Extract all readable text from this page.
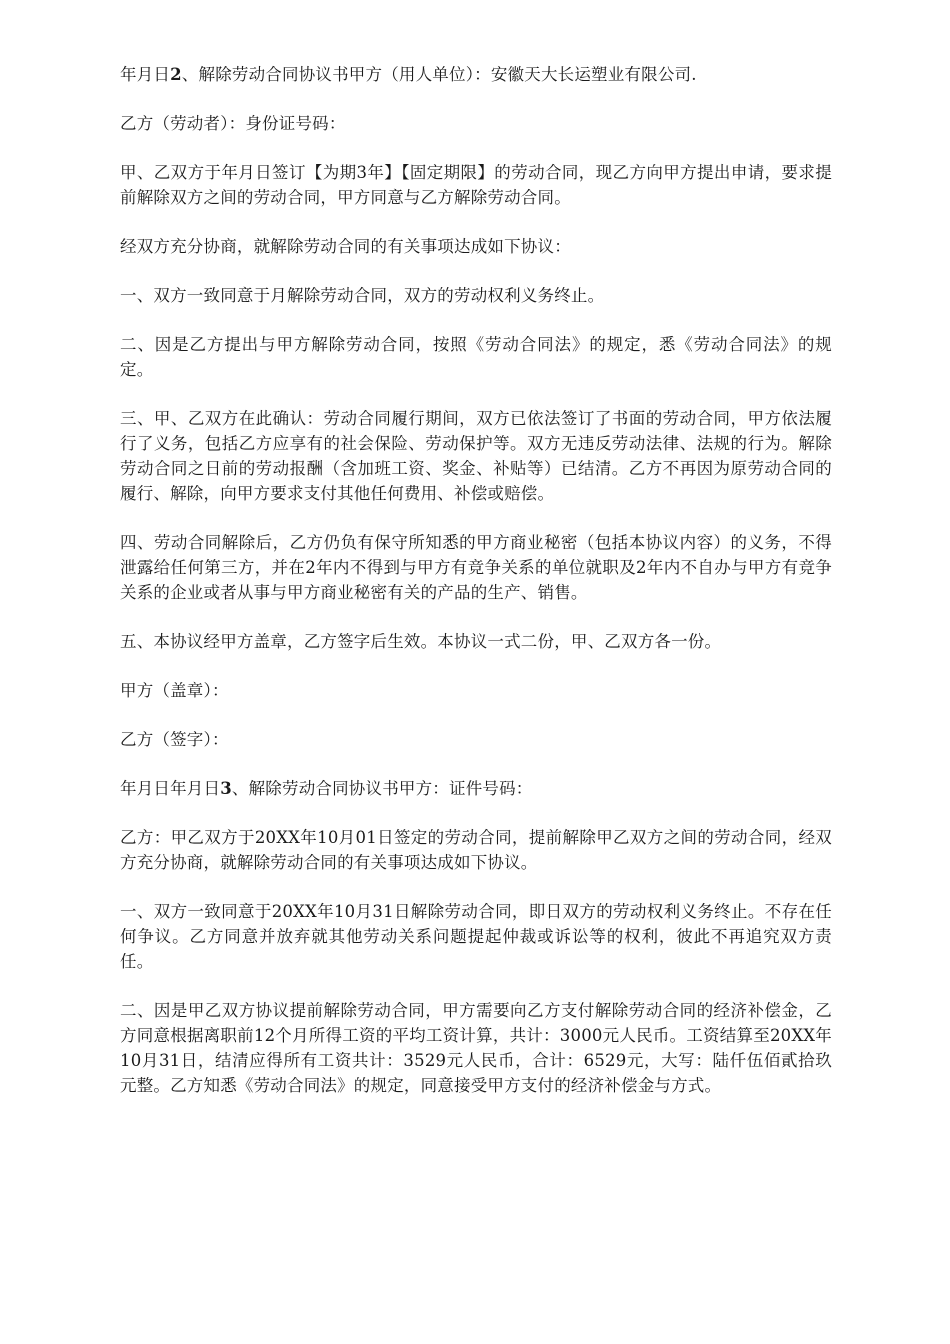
年月日2、解除劳动合同协议书甲方（用人单位）：安徽天大长运塑业有限公司.

乙方（劳动者）：身份证号码：

甲、乙双方于年月日签订【为期3年】【固定期限】的劳动合同，现乙方向甲方提出申请，要求提前解除双方之间的劳动合同，甲方同意与乙方解除劳动合同。

经双方充分协商，就解除劳动合同的有关事项达成如下协议：

一、双方一致同意于月解除劳动合同，双方的劳动权利义务终止。

二、因是乙方提出与甲方解除劳动合同，按照《劳动合同法》的规定，悉《劳动合同法》的规定。

三、甲、乙双方在此确认：劳动合同履行期间，双方已依法签订了书面的劳动合同，甲方依法履行了义务，包括乙方应享有的社会保险、劳动保护等。双方无违反劳动法律、法规的行为。解除劳动合同之日前的劳动报酬（含加班工资、奖金、补贴等）已结清。乙方不再因为原劳动合同的履行、解除，向甲方要求支付其他任何费用、补偿或赔偿。

四、劳动合同解除后，乙方仍负有保守所知悉的甲方商业秘密（包括本协议内容）的义务，不得泄露给任何第三方，并在2年内不得到与甲方有竞争关系的单位就职及2年内不自办与甲方有竞争关系的企业或者从事与甲方商业秘密有关的产品的生产、销售。

五、本协议经甲方盖章，乙方签字后生效。本协议一式二份，甲、乙双方各一份。

甲方（盖章）：

乙方（签字）：

年月日年月日3、解除劳动合同协议书甲方：证件号码：

乙方：甲乙双方于20XX年10月01日签定的劳动合同，提前解除甲乙双方之间的劳动合同，经双方充分协商，就解除劳动合同的有关事项达成如下协议。

一、双方一致同意于20XX年10月31日解除劳动合同，即日双方的劳动权利义务终止。不存在任何争议。乙方同意并放弃就其他劳动关系问题提起仲裁或诉讼等的权利，彼此不再追究双方责任。

二、因是甲乙双方协议提前解除劳动合同，甲方需要向乙方支付解除劳动合同的经济补偿金，乙方同意根据离职前12个月所得工资的平均工资计算，共计：3000元人民币。工资结算至20XX年10月31日，结清应得所有工资共计：3529元人民币，合计：6529元，大写：陆仟伍佰貳拾玖元整。乙方知悉《劳动合同法》的规定，同意接受甲方支付的经济补偿金与方式。
